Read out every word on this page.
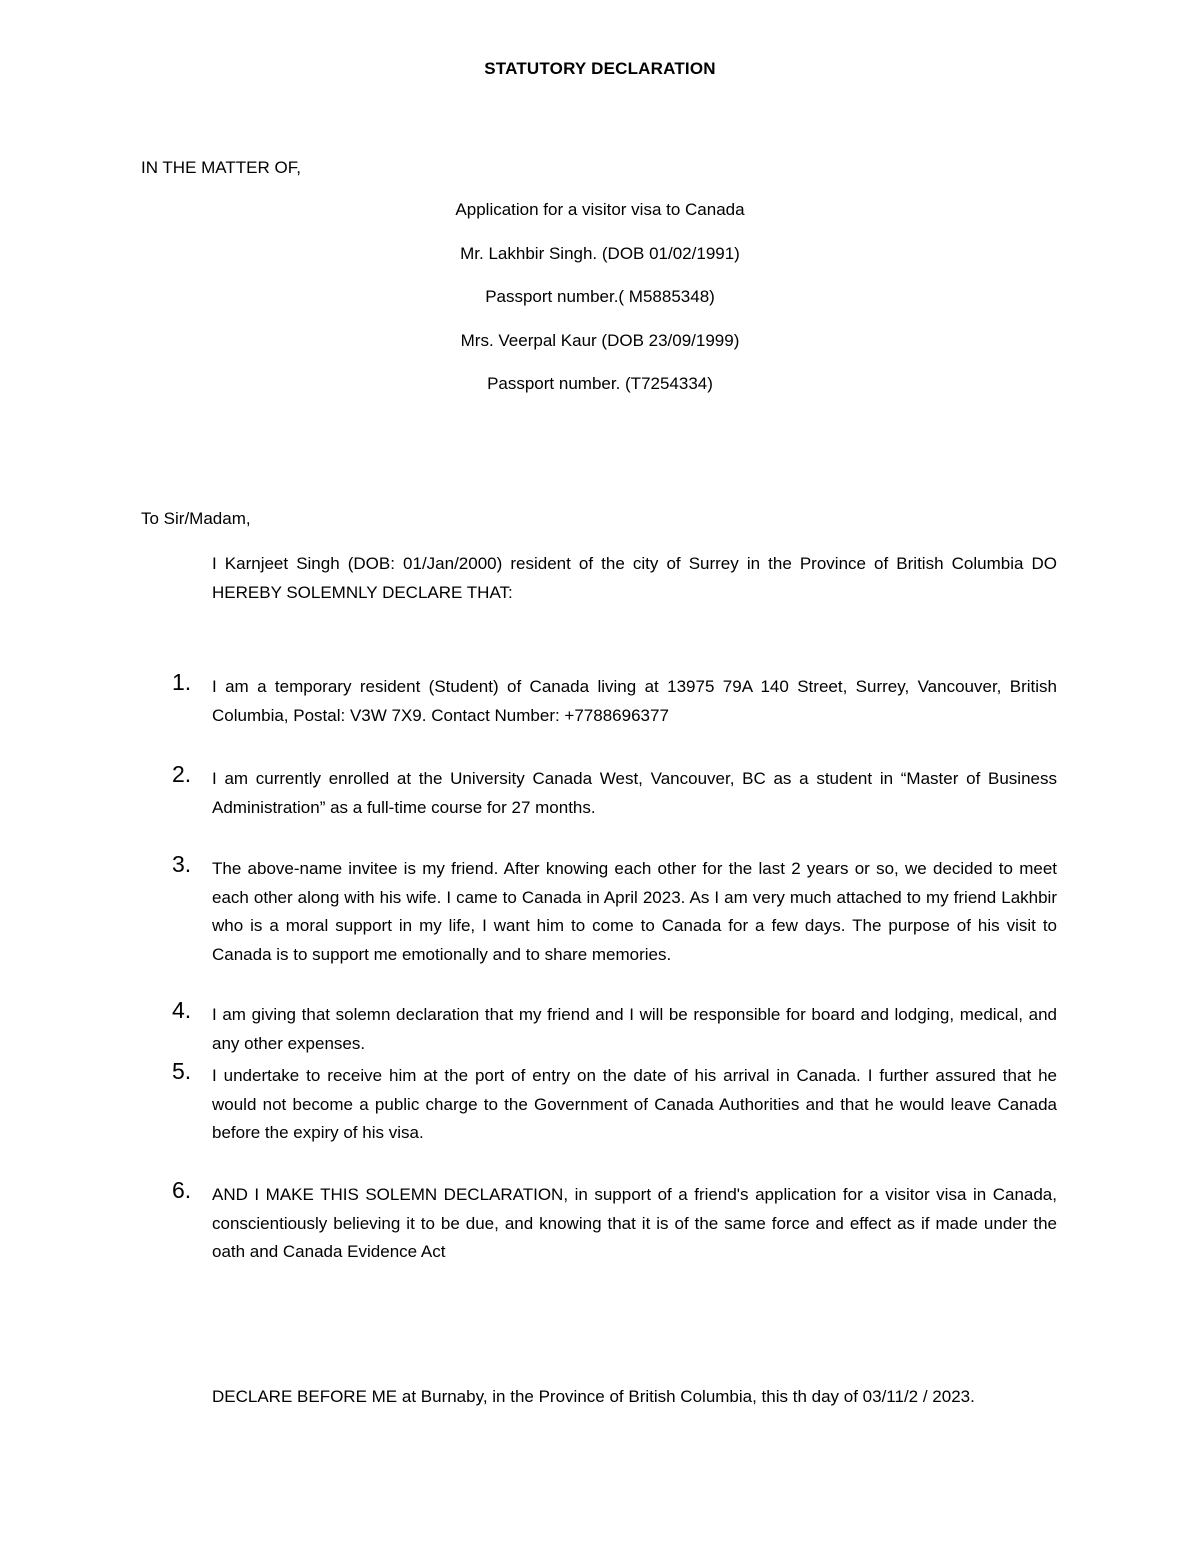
STATUTORY DECLARATION
IN THE MATTER OF,
Application for a visitor visa to Canada
Mr. Lakhbir Singh. (DOB 01/02/1991)
Passport number.( M5885348)
Mrs. Veerpal Kaur (DOB 23/09/1999)
Passport number. (T7254334)
To Sir/Madam,
I Karnjeet Singh (DOB: 01/Jan/2000) resident of the city of Surrey in the Province of British Columbia DO HEREBY SOLEMNLY DECLARE THAT:
1. I am a temporary resident (Student) of Canada living at 13975 79A 140 Street, Surrey, Vancouver, British Columbia, Postal: V3W 7X9. Contact Number: +7788696377
2. I am currently enrolled at the University Canada West, Vancouver, BC as a student in “Master of Business Administration” as a full-time course for 27 months.
3. The above-name invitee is my friend. After knowing each other for the last 2 years or so, we decided to meet each other along with his wife. I came to Canada in April 2023. As I am very much attached to my friend Lakhbir who is a moral support in my life, I want him to come to Canada for a few days. The purpose of his visit to Canada is to support me emotionally and to share memories.
4. I am giving that solemn declaration that my friend and I will be responsible for board and lodging, medical, and any other expenses.
5. I undertake to receive him at the port of entry on the date of his arrival in Canada. I further assured that he would not become a public charge to the Government of Canada Authorities and that he would leave Canada before the expiry of his visa.
6. AND I MAKE THIS SOLEMN DECLARATION, in support of a friend's application for a visitor visa in Canada, conscientiously believing it to be due, and knowing that it is of the same force and effect as if made under the oath and Canada Evidence Act
DECLARE BEFORE ME at Burnaby, in the Province of British Columbia, this th day of 03/11/2 / 2023.
